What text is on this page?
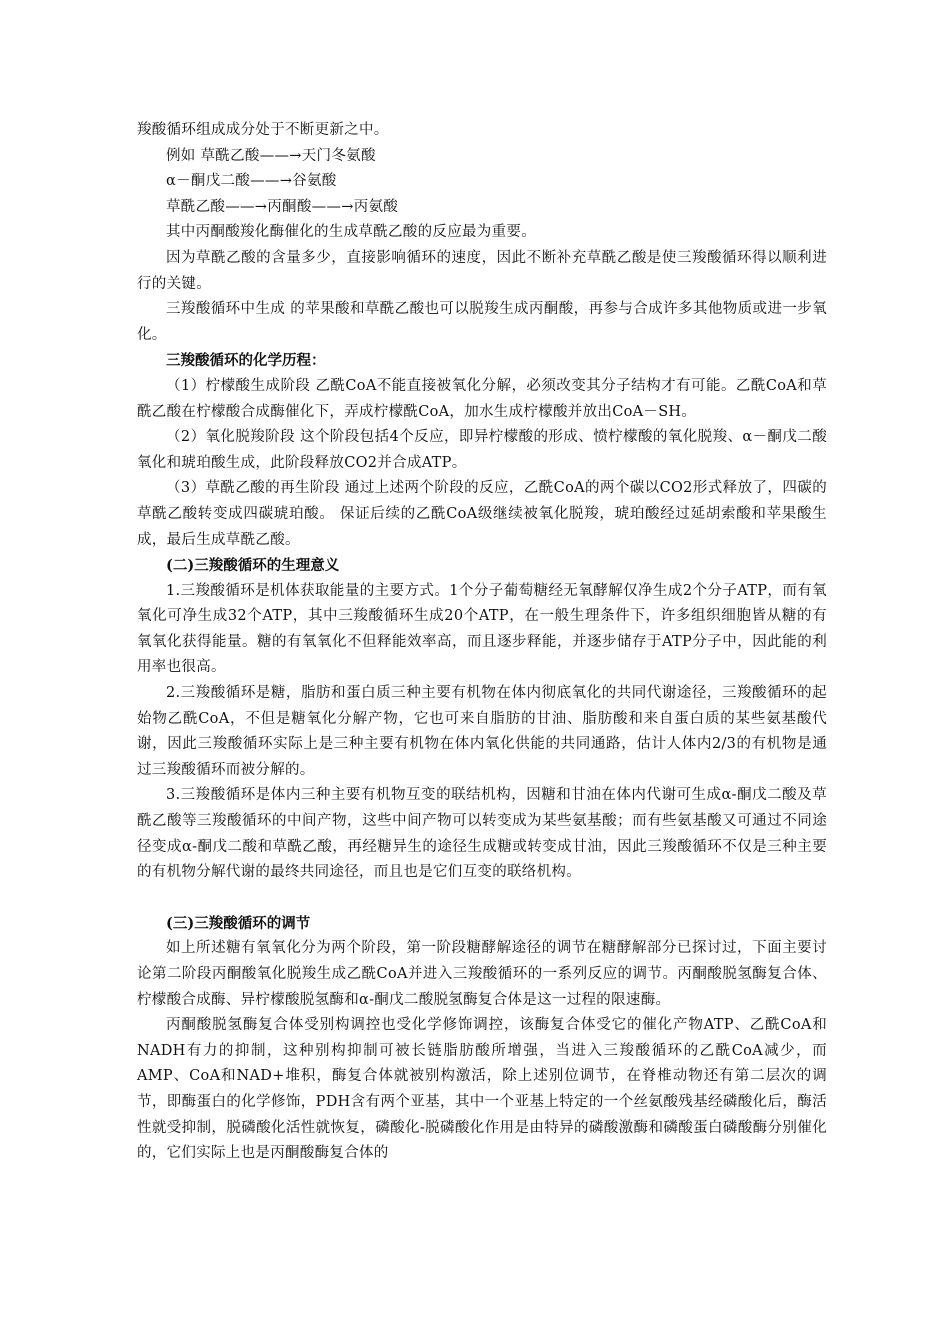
羧酸循环组成成分处于不断更新之中。

例如 草酰乙酸——→天门冬氨酸

α－酮戊二酸——→谷氨酸

草酰乙酸——→丙酮酸——→丙氨酸

其中丙酮酸羧化酶催化的生成草酰乙酸的反应最为重要。

因为草酰乙酸的含量多少，直接影响循环的速度，因此不断补充草酰乙酸是使三羧酸循环得以顺利进行的关键。

三羧酸循环中生成 的苹果酸和草酰乙酸也可以脱羧生成丙酮酸，再参与合成许多其他物质或进一步氧化。

三羧酸循环的化学历程：

（1）柠檬酸生成阶段 乙酰CoA不能直接被氧化分解，必须改变其分子结构才有可能。乙酰CoA和草酰乙酸在柠檬酸合成酶催化下，弄成柠檬酰CoA，加水生成柠檬酸并放出CoA－SH。

（2）氧化脱羧阶段 这个阶段包括4个反应，即异柠檬酸的形成、愤柠檬酸的氧化脱羧、α－酮戊二酸氧化和琥珀酸生成，此阶段释放CO2并合成ATP。

（3）草酰乙酸的再生阶段 通过上述两个阶段的反应，乙酰CoA的两个碳以CO2形式释放了，四碳的草酰乙酸转变成四碳琥珀酸。 保证后续的乙酰CoA级继续被氧化脱羧，琥珀酸经过延胡索酸和苹果酸生成，最后生成草酰乙酸。

(二)三羧酸循环的生理意义

1.三羧酸循环是机体获取能量的主要方式。1个分子葡萄糖经无氧酵解仅净生成2个分子ATP，而有氧氧化可净生成32个ATP，其中三羧酸循环生成20个ATP，在一般生理条件下，许多组织细胞皆从糖的有氧氧化获得能量。糖的有氧氧化不但释能效率高，而且逐步释能，并逐步储存于ATP分子中，因此能的利用率也很高。

2.三羧酸循环是糖，脂肪和蛋白质三种主要有机物在体内彻底氧化的共同代谢途径，三羧酸循环的起始物乙酰CoA，不但是糖氧化分解产物，它也可来自脂肪的甘油、脂肪酸和来自蛋白质的某些氨基酸代谢，因此三羧酸循环实际上是三种主要有机物在体内氧化供能的共同通路，估计人体内2/3的有机物是通过三羧酸循环而被分解的。

3.三羧酸循环是体内三种主要有机物互变的联结机构，因糖和甘油在体内代谢可生成α-酮戊二酸及草酰乙酸等三羧酸循环的中间产物，这些中间产物可以转变成为某些氨基酸；而有些氨基酸又可通过不同途径变成α-酮戊二酸和草酰乙酸，再经糖异生的途径生成糖或转变成甘油，因此三羧酸循环不仅是三种主要的有机物分解代谢的最终共同途径，而且也是它们互变的联络机构。

(三)三羧酸循环的调节

如上所述糖有氧氧化分为两个阶段，第一阶段糖酵解途径的调节在糖酵解部分已探讨过，下面主要讨论第二阶段丙酮酸氧化脱羧生成乙酰CoA并进入三羧酸循环的一系列反应的调节。丙酮酸脱氢酶复合体、柠檬酸合成酶、异柠檬酸脱氢酶和α-酮戊二酸脱氢酶复合体是这一过程的限速酶。

丙酮酸脱氢酶复合体受别构调控也受化学修饰调控，该酶复合体受它的催化产物ATP、乙酰CoA和NADH有力的抑制，这种别构抑制可被长链脂肪酸所增强，当进入三羧酸循环的乙酰CoA减少，而AMP、CoA和NAD+堆积，酶复合体就被别构激活，除上述别位调节，在脊椎动物还有第二层次的调节，即酶蛋白的化学修饰，PDH含有两个亚基，其中一个亚基上特定的一个丝氨酸残基经磷酸化后，酶活性就受抑制，脱磷酸化活性就恢复，磷酸化-脱磷酸化作用是由特异的磷酸激酶和磷酸蛋白磷酸酶分别催化的，它们实际上也是丙酮酸酶复合体的
